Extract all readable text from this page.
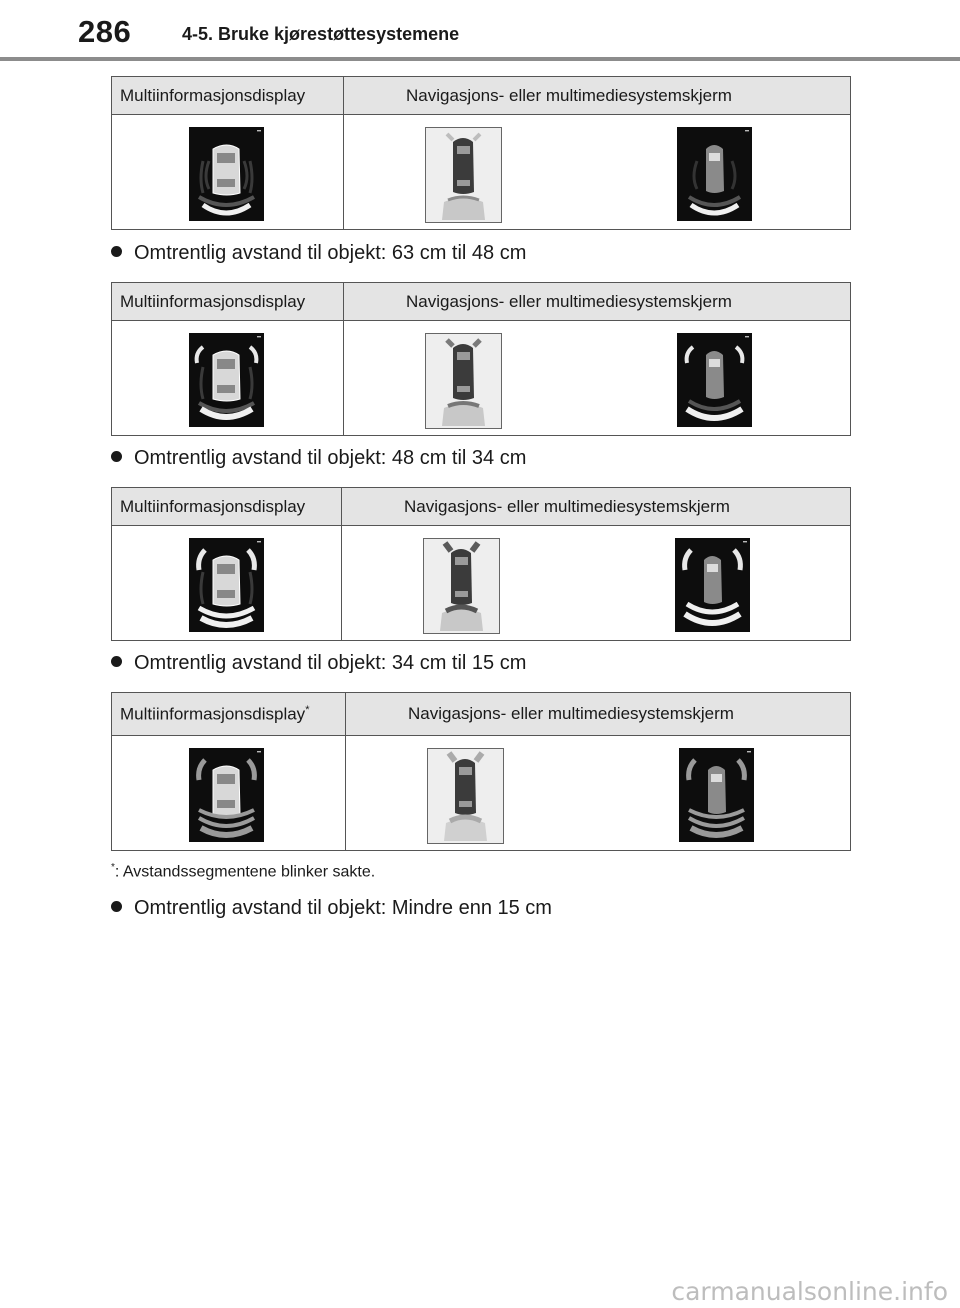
286	4-5. Bruke kjørestøttesystemene
Multiinformasjonsdisplay	Navigasjons- eller multimediesystemskjerm

Omtrentlig avstand til objekt: 63 cm til 48 cm
Multiinformasjonsdisplay	Navigasjons- eller multimediesystemskjerm

Omtrentlig avstand til objekt: 48 cm til 34 cm
Multiinformasjonsdisplay	Navigasjons- eller multimediesystemskjerm

Omtrentlig avstand til objekt: 34 cm til 15 cm
Multiinformasjonsdisplay*	Navigasjons- eller multimediesystemskjerm

*: Avstandssegmentene blinker sakte.
Omtrentlig avstand til objekt: Mindre enn 15 cm
carmanualsonline.info
